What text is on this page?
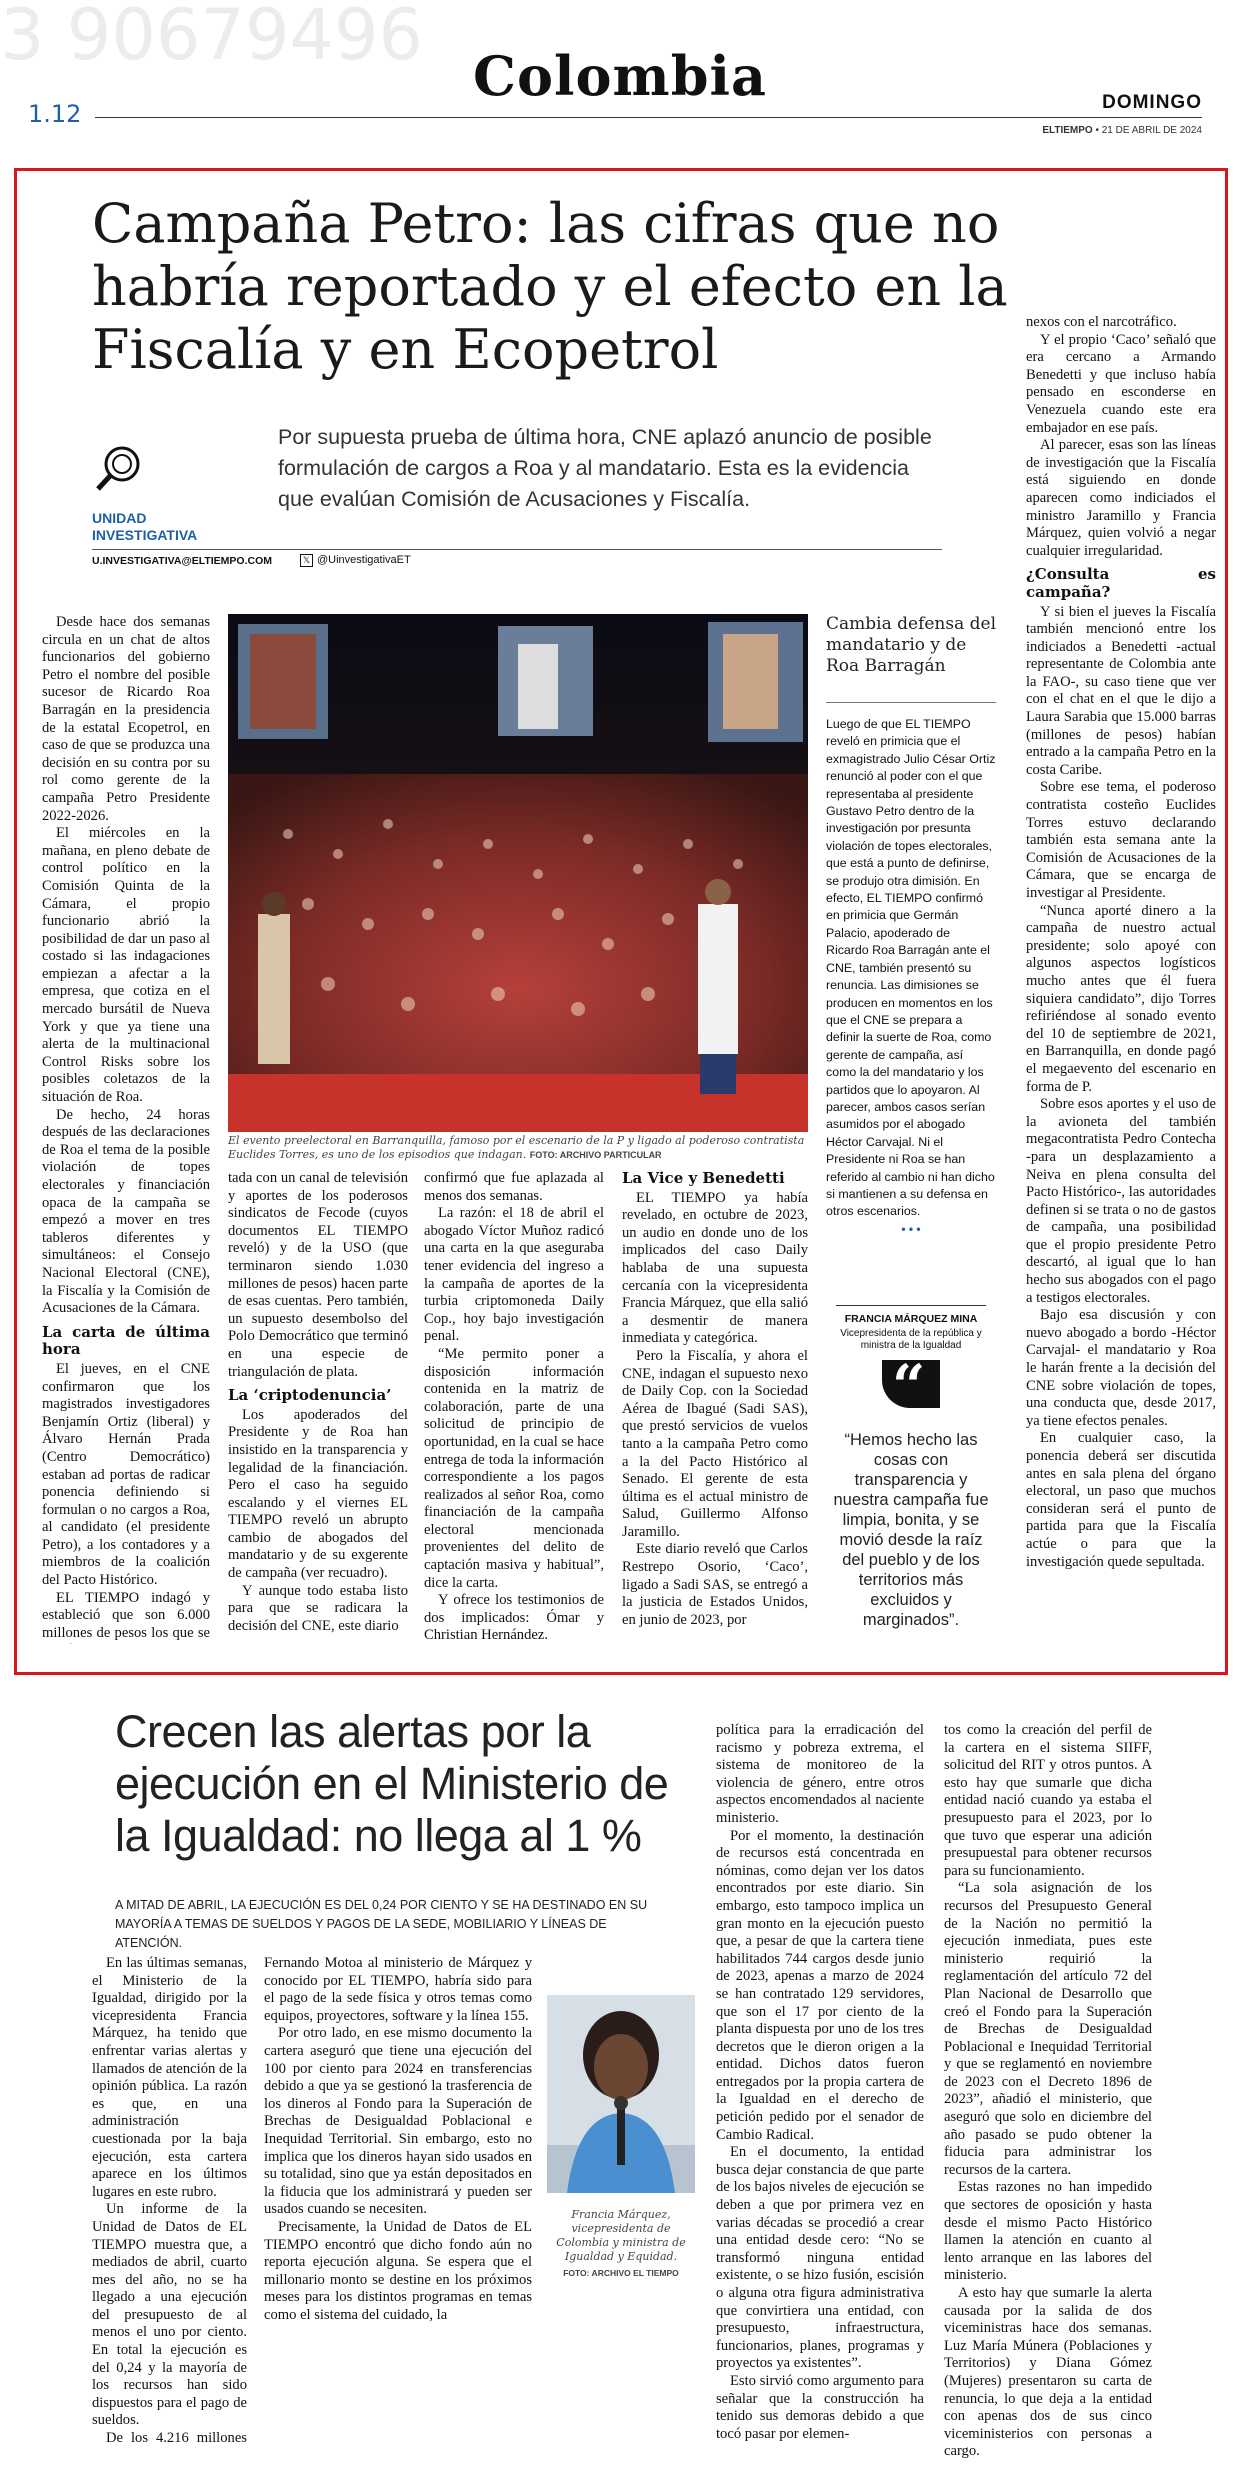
3 90679496 Colombia
1.12	DOMINGO
ELTIEMPO • 21 DE ABRIL DE 2024
Campaña Petro: las cifras que no habría reportado y el efecto en la Fiscalía y en Ecopetrol
UNIDAD INVESTIGATIVA
Por supuesta prueba de última hora, CNE aplazó anuncio de posible formulación de cargos a Roa y al mandatario. Esta es la evidencia que evalúan Comisión de Acusaciones y Fiscalía.
U.INVESTIGATIVA@ELTIEMPO.COM	𝕏 @UinvestigativaET
El evento preelectoral en Barranquilla, famoso por el escenario de la P y ligado al poderoso contratista Euclides Torres, es uno de los episodios que indagan. FOTO: ARCHIVO PARTICULAR

Desde hace dos semanas circula en un chat de altos funcionarios del gobierno Petro el nombre del posible sucesor de Ricardo Roa Barragán en la presidencia de la estatal Ecopetrol, en caso de que se produzca una decisión en su contra por su rol como gerente de la campaña Petro Presidente 2022-2026.

El miércoles en la mañana, en pleno debate de control político en la Comisión Quinta de la Cámara, el propio funcionario abrió la posibilidad de dar un paso al costado si las indagaciones empiezan a afectar a la empresa, que cotiza en el mercado bursátil de Nueva York y que ya tiene una alerta de la multinacional Control Risks sobre los posibles coletazos de la situación de Roa.

De hecho, 24 horas después de las declaraciones de Roa el tema de la posible violación de topes electorales y financiación opaca de la campaña se empezó a mover en tres tableros diferentes y simultáneos: el Consejo Nacional Electoral (CNE), la Fiscalía y la Comisión de Acusaciones de la Cámara.

La carta de última hora

El jueves, en el CNE confirmaron que los magistrados investigadores Benjamín Ortiz (liberal) y Álvaro Hernán Prada (Centro Democrático) estaban ad portas de radicar ponencia definiendo si formulan o no cargos a Roa, al candidato (el presidente Petro), a los contadores y a miembros de la coalición del Pacto Histórico.

EL TIEMPO indagó y estableció que son 6.000 millones de pesos los que se

tada con un canal de televisión y aportes de los poderosos sindicatos de Fecode (cuyos documentos EL TIEMPO reveló) y de la USO (que terminaron siendo 1.030 millones de pesos) hacen parte de esas cuentas. Pero también, un supuesto desembolso del Polo Democrático que terminó en una especie de triangulación de plata.

La ‘criptodenuncia’

Los apoderados del Presidente y de Roa han insistido en la transparencia y legalidad de la financiación. Pero el caso ha seguido escalando y el viernes EL TIEMPO reveló un abrupto cambio de abogados del mandatario y de su exgerente de campaña (ver recuadro).

Y aunque todo estaba listo para que se radicara la decisión del CNE, este diario

confirmó que fue aplazada al menos dos semanas.

La razón: el 18 de abril el abogado Víctor Muñoz radicó una carta en la que aseguraba tener evidencia del ingreso a la campaña de aportes de la turbia criptomoneda Daily Cop., hoy bajo investigación penal.

“Me permito poner a disposición información contenida en la matriz de colaboración, parte de una solicitud de principio de oportunidad, en la cual se hace entrega de toda la información correspondiente a los pagos realizados al señor Roa, como financiación de la campaña electoral mencionada provenientes del delito de captación masiva y habitual”, dice la carta.

Y ofrece los testimonios de dos implicados: Ómar y Christian Hernández.

La Vice y Benedetti

EL TIEMPO ya había revelado, en octubre de 2023, un audio en donde uno de los implicados del caso Daily hablaba de una supuesta cercanía con la vicepresidenta Francia Márquez, que ella salió a desmentir de manera inmediata y categórica.

Pero la Fiscalía, y ahora el CNE, indagan el supuesto nexo de Daily Cop. con la Sociedad Aérea de Ibagué (Sadi SAS), que prestó servicios de vuelos tanto a la campaña Petro como a la del Pacto Histórico al Senado. El gerente de esta última es el actual ministro de Salud, Guillermo Alfonso Jaramillo.

Este diario reveló que Carlos Restrepo Osorio, ‘Caco’, ligado a Sadi SAS, se entregó a la justicia de Estados Unidos, en junio de 2023, por

Cambia defensa del mandatario y de Roa Barragán
Luego de que EL TIEMPO reveló en primicia que el exmagistrado Julio César Ortiz renunció al poder con el que representaba al presidente Gustavo Petro dentro de la investigación por presunta violación de topes electorales, que está a punto de definirse, se produjo otra dimisión. En efecto, EL TIEMPO confirmó en primicia que Germán Palacio, apoderado de Ricardo Roa Barragán ante el CNE, también presentó su renuncia. Las dimisiones se producen en momentos en los que el CNE se prepara a definir la suerte de Roa, como gerente de campaña, así como la del mandatario y los partidos que lo apoyaron. Al parecer, ambos casos serían asumidos por el abogado Héctor Carvajal. Ni el Presidente ni Roa se han referido al cambio ni han dicho si mantienen a su defensa en otros escenarios.
• • •
FRANCIA MÁRQUEZ MINA
Vicepresidenta de la república y ministra de la Igualdad
“
“Hemos hecho las cosas con transparencia y nuestra campaña fue limpia, bonita, y se movió desde la raíz del pueblo y de los territorios más excluidos y marginados”.

nexos con el narcotráfico.

Y el propio ‘Caco’ señaló que era cercano a Armando Benedetti y que incluso había pensado en esconderse en Venezuela cuando este era embajador en ese país.

Al parecer, esas son las líneas de investigación que la Fiscalía está siguiendo en donde aparecen como indiciados el ministro Jaramillo y Francia Márquez, quien volvió a negar cualquier irregularidad.

¿Consulta es campaña?

Y si bien el jueves la Fiscalía también mencionó entre los indiciados a Benedetti -actual representante de Colombia ante la FAO-, su caso tiene que ver con el chat en el que le dijo a Laura Sarabia que 15.000 barras (millones de pesos) habían entrado a la campaña Petro en la costa Caribe.

Sobre ese tema, el poderoso contratista costeño Euclides Torres estuvo declarando también esta semana ante la Comisión de Acusaciones de la Cámara, que se encarga de investigar al Presidente.

“Nunca aporté dinero a la campaña de nuestro actual presidente; solo apoyé con algunos aspectos logísticos mucho antes que él fuera siquiera candidato”, dijo Torres refiriéndose al sonado evento del 10 de septiembre de 2021, en Barranquilla, en donde pagó el megaevento del escenario en forma de P.

Sobre esos aportes y el uso de la avioneta del también megacontratista Pedro Contecha -para un desplazamiento a Neiva en plena consulta del Pacto Histórico-, las autoridades definen si se trata o no de gastos de campaña, una posibilidad que el propio presidente Petro descartó, al igual que lo han hecho sus abogados con el pago a testigos electorales.

Bajo esa discusión y con nuevo abogado a bordo -Héctor Carvajal- el mandatario y Roa le harán frente a la decisión del CNE sobre violación de topes, una conducta que, desde 2017, ya tiene efectos penales.

En cualquier caso, la ponencia deberá ser discutida antes en sala plena del órgano electoral, un paso que muchos consideran será el punto de partida para que la Fiscalía actúe o para que la investigación quede sepultada.

Crecen las alertas por la ejecución en el Ministerio de la Igualdad: no llega al 1 %
A MITAD DE ABRIL, LA EJECUCIÓN ES DEL 0,24 POR CIENTO Y SE HA DESTINADO EN SU MAYORÍA A TEMAS DE SUELDOS Y PAGOS DE LA SEDE, MOBILIARIO Y LÍNEAS DE ATENCIÓN.

En las últimas semanas, el Ministerio de la Igualdad, dirigido por la vicepresidenta Francia Márquez, ha tenido que enfrentar varias alertas y llamados de atención de la opinión pública. La razón es que, en una administración cuestionada por la baja ejecución, esta cartera aparece en los últimos lugares en este rubro.

Un informe de la Unidad de Datos de EL TIEMPO muestra que, a mediados de abril, cuarto mes del año, no se ha llegado a una ejecución del presupuesto de al menos el uno por ciento. En total la ejecución es del 0,24 y la mayoría de los recursos han sido dispuestos para el pago de sueldos.

De los 4.216 millones

Fernando Motoa al ministerio de Márquez y conocido por EL TIEMPO, habría sido para el pago de la sede física y otros temas como equipos, proyectores, software y la línea 155.

Por otro lado, en ese mismo documento la cartera aseguró que tiene una ejecución del 100 por ciento para 2024 en transferencias debido a que ya se gestionó la trasferencia de los dineros al Fondo para la Superación de Brechas de Desigualdad Poblacional e Inequidad Territorial. Sin embargo, esto no implica que los dineros hayan sido usados en su totalidad, sino que ya están depositados en la fiducia que los administrará y pueden ser usados cuando se necesiten.

Precisamente, la Unidad de Datos de EL TIEMPO encontró que dicho fondo aún no reporta ejecución alguna. Se espera que el millonario monto se destine en los próximos meses para los distintos programas en temas como el sistema del cuidado, la

Francia Márquez, vicepresidenta de Colombia y ministra de Igualdad y Equidad.
FOTO: ARCHIVO EL TIEMPO

política para la erradicación del racismo y pobreza extrema, el sistema de monitoreo de la violencia de género, entre otros aspectos encomendados al naciente ministerio.

Por el momento, la destinación de recursos está concentrada en nóminas, como dejan ver los datos encontrados por este diario. Sin embargo, esto tampoco implica un gran monto en la ejecución puesto que, a pesar de que la cartera tiene habilitados 744 cargos desde junio de 2023, apenas a marzo de 2024 se han contratado 129 servidores, que son el 17 por ciento de la planta dispuesta por uno de los tres decretos que le dieron origen a la entidad. Dichos datos fueron entregados por la propia cartera de la Igualdad en el derecho de petición pedido por el senador de Cambio Radical.

En el documento, la entidad busca dejar constancia de que parte de los bajos niveles de ejecución se deben a que por primera vez en varias décadas se procedió a crear una entidad desde cero: “No se transformó ninguna entidad existente, o se hizo fusión, escisión o alguna otra figura administrativa que convirtiera una entidad, con presupuesto, infraestructura, funcionarios, planes, programas y proyectos ya existentes”.

Esto sirvió como argumento para señalar que la construcción ha tenido sus demoras debido a que tocó pasar por elemen-

tos como la creación del perfil de la cartera en el sistema SIIFF, solicitud del RIT y otros puntos. A esto hay que sumarle que dicha entidad nació cuando ya estaba el presupuesto para el 2023, por lo que tuvo que esperar una adición presupuestal para obtener recursos para su funcionamiento.

“La sola asignación de los recursos del Presupuesto General de la Nación no permitió la ejecución inmediata, pues este ministerio requirió la reglamentación del artículo 72 del Plan Nacional de Desarrollo que creó el Fondo para la Superación de Brechas de Desigualdad Poblacional e Inequidad Territorial y que se reglamentó en noviembre de 2023 con el Decreto 1896 de 2023”, añadió el ministerio, que aseguró que solo en diciembre del año pasado se pudo obtener la fiducia para administrar los recursos de la cartera.

Estas razones no han impedido que sectores de oposición y hasta desde el mismo Pacto Histórico llamen la atención en cuanto al lento arranque en las labores del ministerio.

A esto hay que sumarle la alerta causada por la salida de dos viceministras hace dos semanas. Luz María Múnera (Poblaciones y Territorios) y Diana Gómez (Mujeres) presentaron su carta de renuncia, lo que deja a la entidad con apenas dos de sus cinco viceministerios con personas a cargo.
